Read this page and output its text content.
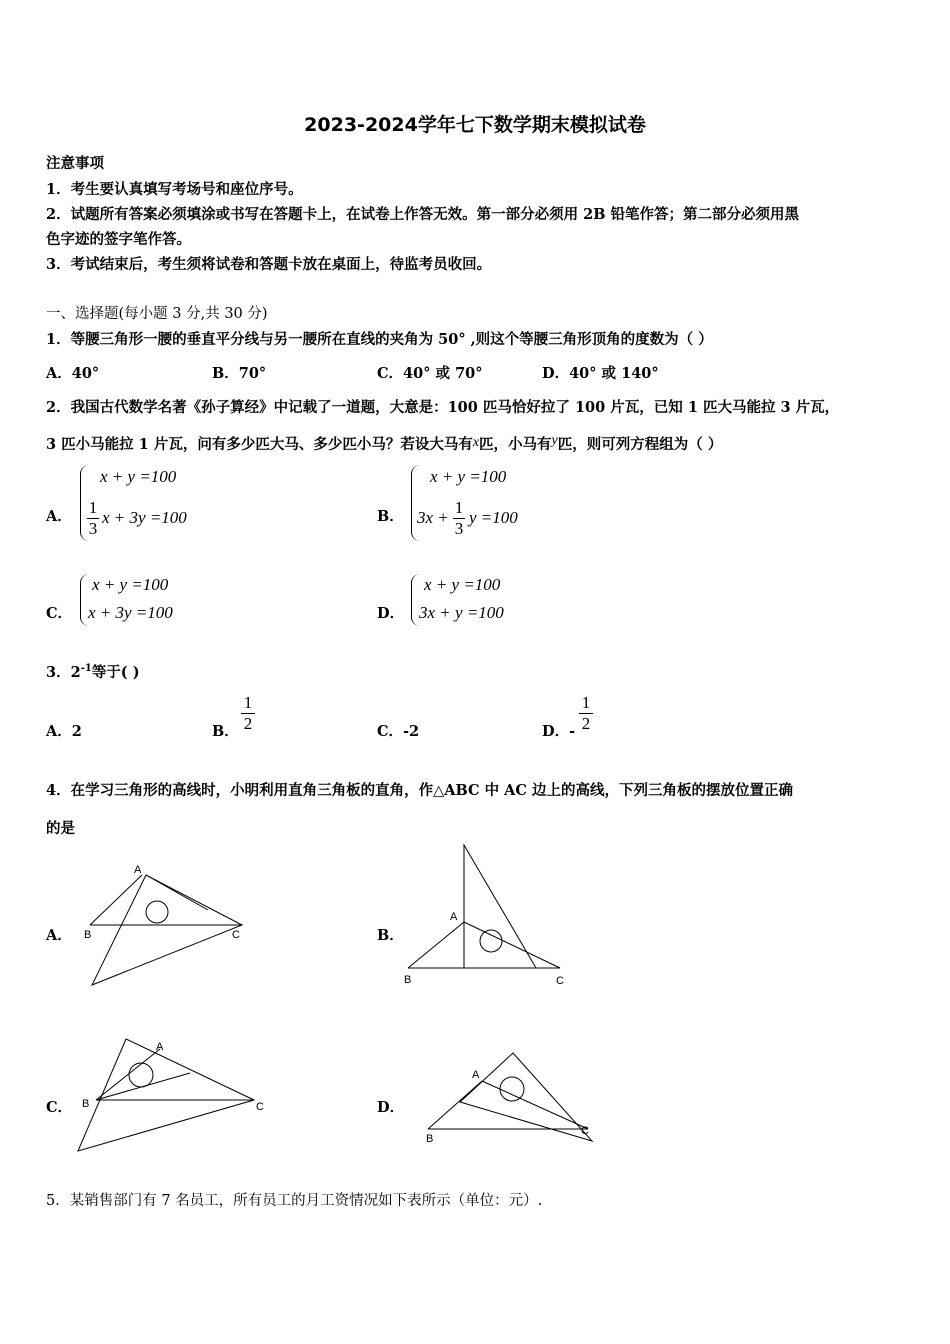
2023-2024学年七下数学期末模拟试卷
注意事项
1．考生要认真填写考场号和座位序号。
2．试题所有答案必须填涂或书写在答题卡上，在试卷上作答无效。第一部分必须用 2B 铅笔作答；第二部分必须用黑
色字迹的签字笔作答。
3．考试结束后，考生须将试卷和答题卡放在桌面上，待监考员收回。
一、选择题(每小题 3 分,共 30 分)
1．等腰三角形一腰的垂直平分线与另一腰所在直线的夹角为 50° ,则这个等腰三角形顶角的度数为（ ）
A．40°	B．70°	C．40° 或 70°	D．40° 或 140°
2．我国古代数学名著《孙子算经》中记载了一道题，大意是：100 匹马恰好拉了 100 片瓦，已知 1 匹大马能拉 3 片瓦，
3 匹小马能拉 1 片瓦，问有多少匹大马、多少匹小马？若设大马有x匹，小马有y匹，则可列方程组为（ ）
A．
x + y =100
$\frac{1}{3}$ x + 3y =100	B．
x + y =100
$3x + \frac{1}{3}$ y =100
C．
x + y =100
x + 3y =100	D．
x + y =100
3x + y =100
3．$2^{-1}$等于( )
A．2	B． $\frac{1}{2}$	C．-2	D．- $\frac{1}{2}$
4．在学习三角形的高线时，小明利用直角三角板的直角，作△ABC 中 AC 边上的高线，下列三角板的摆放位置正确
的是
A．
A
B	C	B．
A
B	C
C．
A
B	C	D．
A
B
C
5．某销售部门有 7 名员工，所有员工的月工资情况如下表所示（单位：元）.
